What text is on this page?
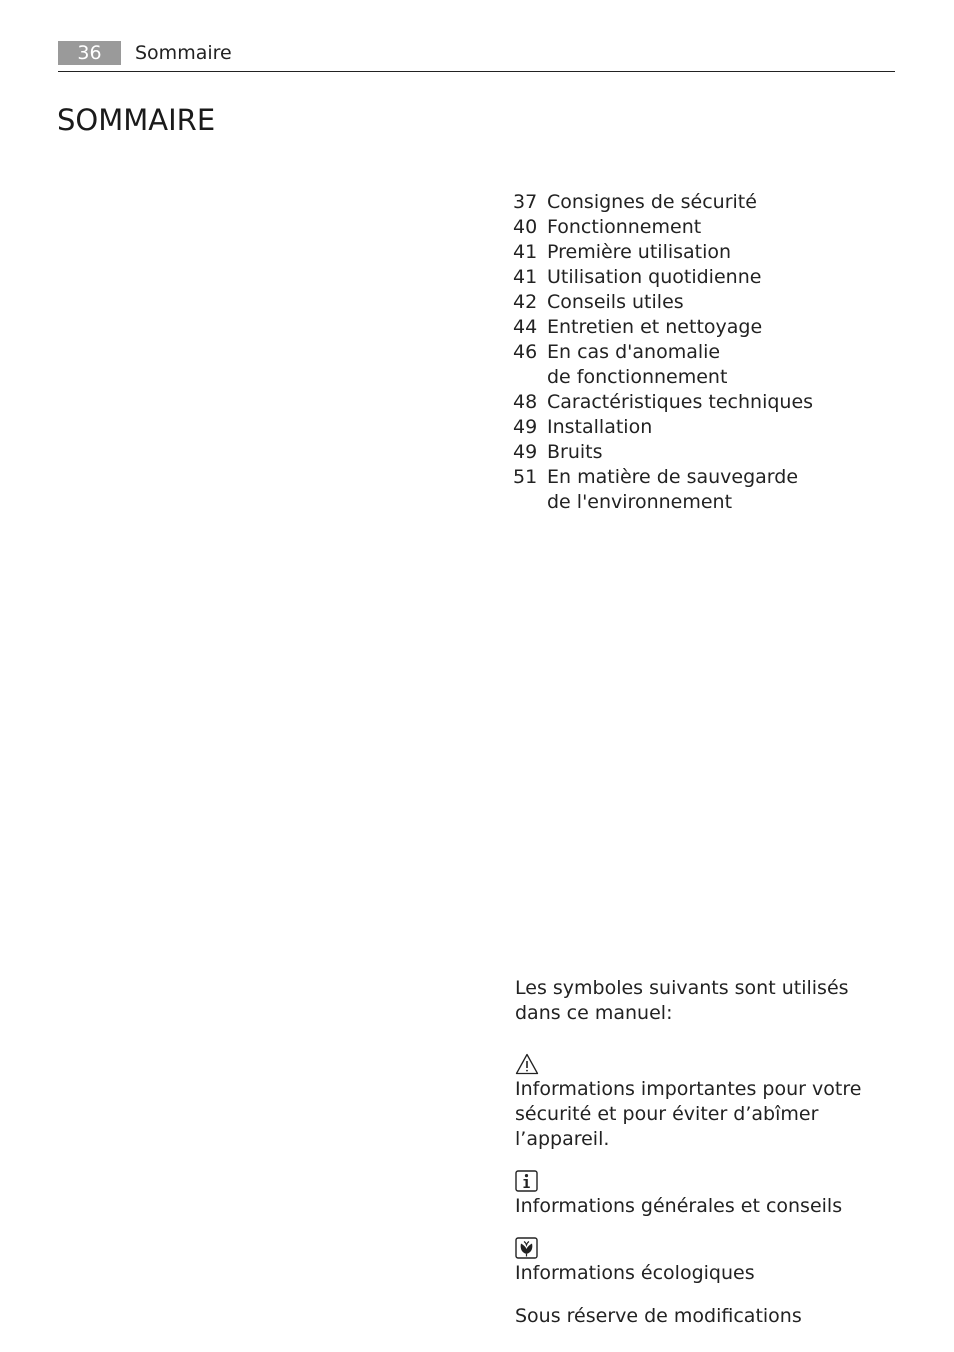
36	Sommaire
SOMMAIRE
37 Consignes de sécurité
40 Fonctionnement
41 Première utilisation
41 Utilisation quotidienne
42 Conseils utiles
44 Entretien et nettoyage
46 En cas d'anomalie de fonctionnement
48 Caractéristiques techniques
49 Installation
49 Bruits
51 En matière de sauvegarde de l'environnement

Les symboles suivants sont utilisés dans ce manuel:

Informations importantes pour votre sécurité et pour éviter d’abîmer l’appareil.

Informations générales et conseils

Informations écologiques

Sous réserve de modifications
